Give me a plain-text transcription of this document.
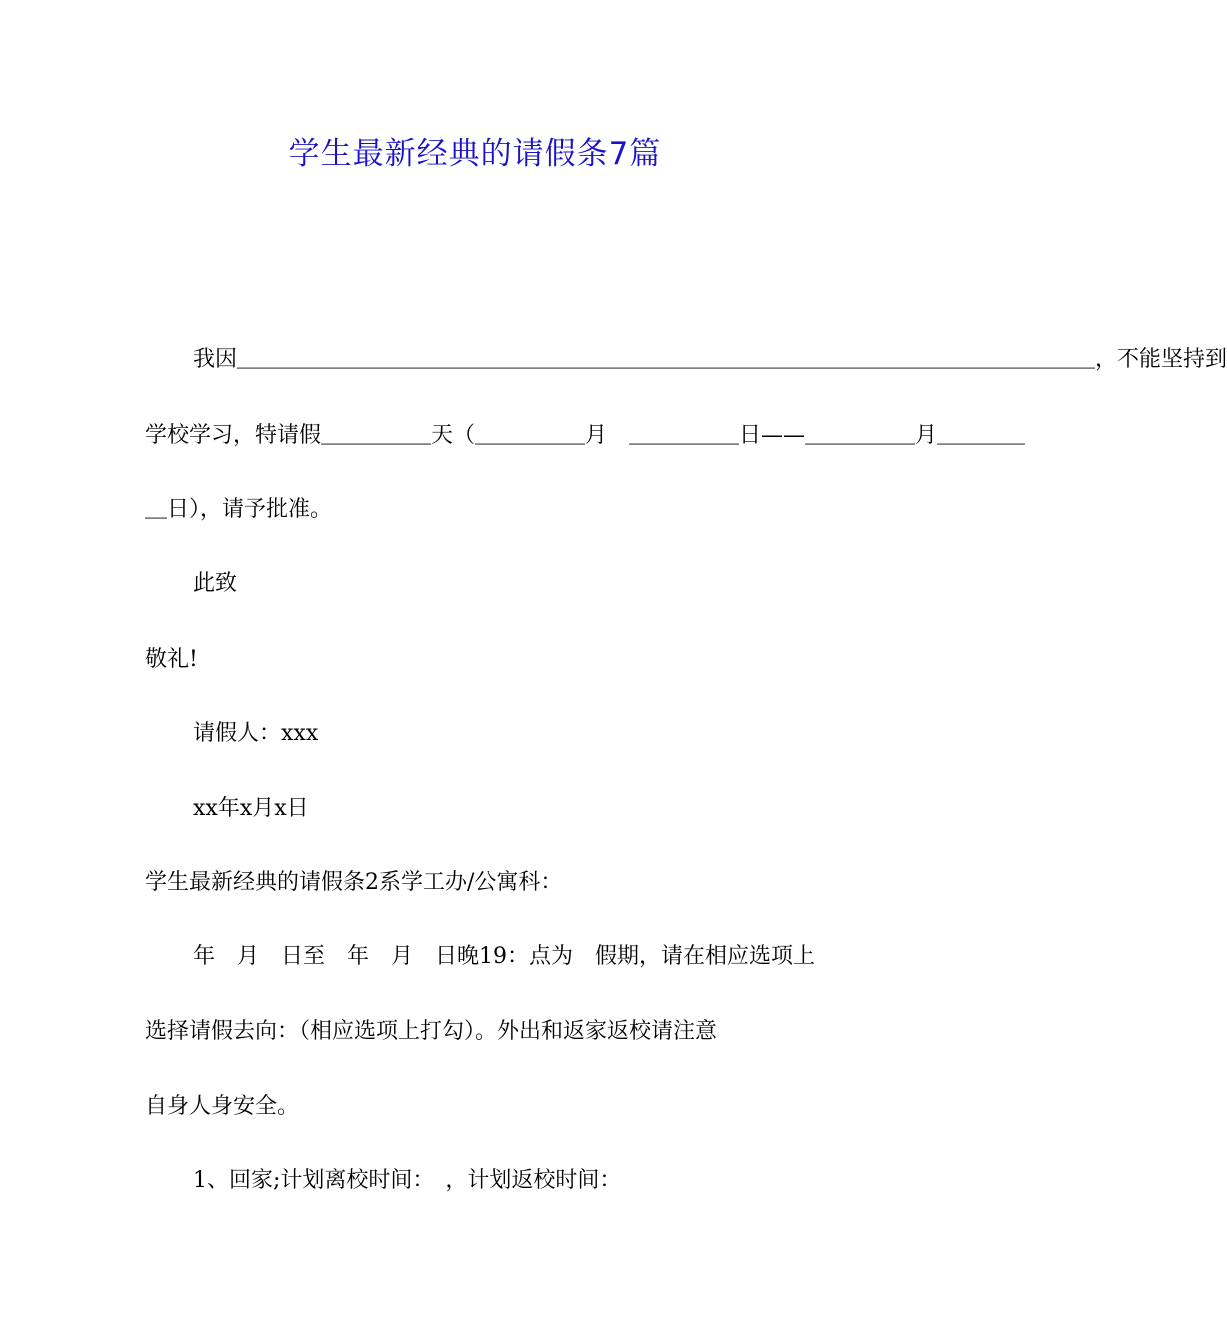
学生最新经典的请假条7篇
我因＿＿＿＿＿＿＿＿＿＿＿＿＿＿＿＿＿＿＿＿＿＿＿＿＿＿＿＿＿＿＿＿＿＿＿＿＿＿＿，不能坚持到
学校学习，特请假＿＿＿＿＿天（＿＿＿＿＿月　＿＿＿＿＿日——＿＿＿＿＿月＿＿＿＿
＿日），请予批准。
此致
敬礼!
请假人：xxx
xx年x月x日
学生最新经典的请假条2系学工办/公寓科：
年　月　日至　年　月　日晚19：点为　假期，请在相应选项上
选择请假去向：（相应选项上打勾）。外出和返家返校请注意
自身人身安全。
1、回家;计划离校时间：　，计划返校时间：
